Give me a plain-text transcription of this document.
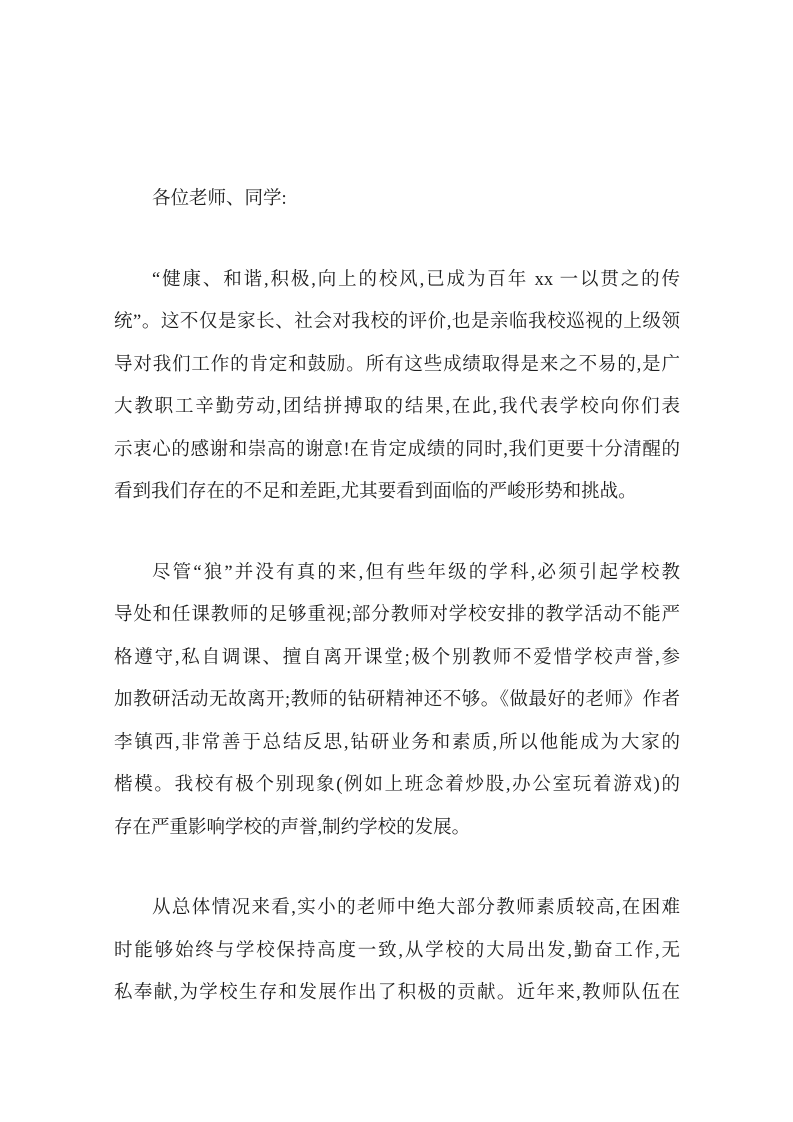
各位老师、同学:
“健康、和谐,积极,向上的校风,已成为百年 xx 一以贯之的传
统”。这不仅是家长、社会对我校的评价,也是亲临我校巡视的上级领
导对我们工作的肯定和鼓励。所有这些成绩取得是来之不易的,是广
大教职工辛勤劳动,团结拼搏取的结果,在此,我代表学校向你们表
示衷心的感谢和崇高的谢意!在肯定成绩的同时,我们更要十分清醒的
看到我们存在的不足和差距,尤其要看到面临的严峻形势和挑战。
尽管“狼”并没有真的来,但有些年级的学科,必须引起学校教
导处和任课教师的足够重视;部分教师对学校安排的教学活动不能严
格遵守,私自调课、擅自离开课堂;极个别教师不爱惜学校声誉,参
加教研活动无故离开;教师的钻研精神还不够。《做最好的老师》作者
李镇西,非常善于总结反思,钻研业务和素质,所以他能成为大家的
楷模。我校有极个别现象(例如上班念着炒股,办公室玩着游戏)的
存在严重影响学校的声誉,制约学校的发展。
从总体情况来看,实小的老师中绝大部分教师素质较高,在困难
时能够始终与学校保持高度一致,从学校的大局出发,勤奋工作,无
私奉献,为学校生存和发展作出了积极的贡献。近年来,教师队伍在
